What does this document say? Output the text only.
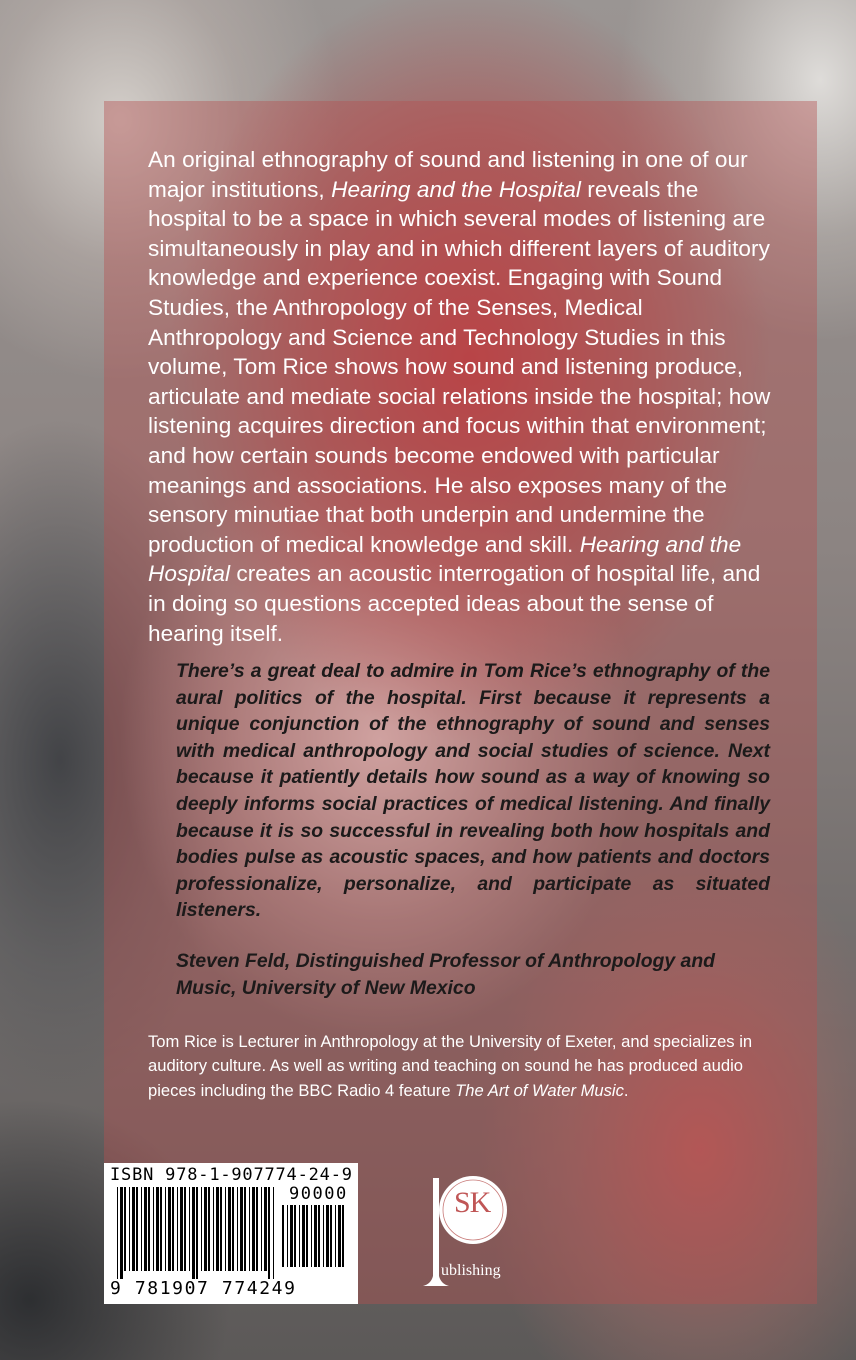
An original ethnography of sound and listening in one of our major institutions, Hearing and the Hospital reveals the hospital to be a space in which several modes of listening are simultaneously in play and in which different layers of auditory knowledge and experience coexist. Engaging with Sound Studies, the Anthropology of the Senses, Medical Anthropology and Science and Technology Studies in this volume, Tom Rice shows how sound and listening produce, articulate and mediate social relations inside the hospital; how listening acquires direction and focus within that environment; and how certain sounds become endowed with particular meanings and associations. He also exposes many of the sensory minutiae that both underpin and undermine the production of medical knowledge and skill. Hearing and the Hospital creates an acoustic interrogation of hospital life, and in doing so questions accepted ideas about the sense of hearing itself.

There’s a great deal to admire in Tom Rice’s ethnography of the aural politics of the hospital. First because it represents a unique conjunction of the ethnography of sound and senses with medical anthropology and social studies of science. Next because it patiently details how sound as a way of knowing so deeply informs social practices of medical listening. And finally because it is so successful in revealing both how hospitals and bodies pulse as acoustic spaces, and how patients and doctors professionalize, personalize, and participate as situated listeners.

Steven Feld, Distinguished Professor of Anthropology and Music, University of New Mexico

Tom Rice is Lecturer in Anthropology at the University of Exeter, and specializes in auditory culture. As well as writing and teaching on sound he has produced audio pieces including the BBC Radio 4 feature The Art of Water Music.

ISBN 978-1-907774-24-9

90000

9 781907 774249

SK

ublishing
